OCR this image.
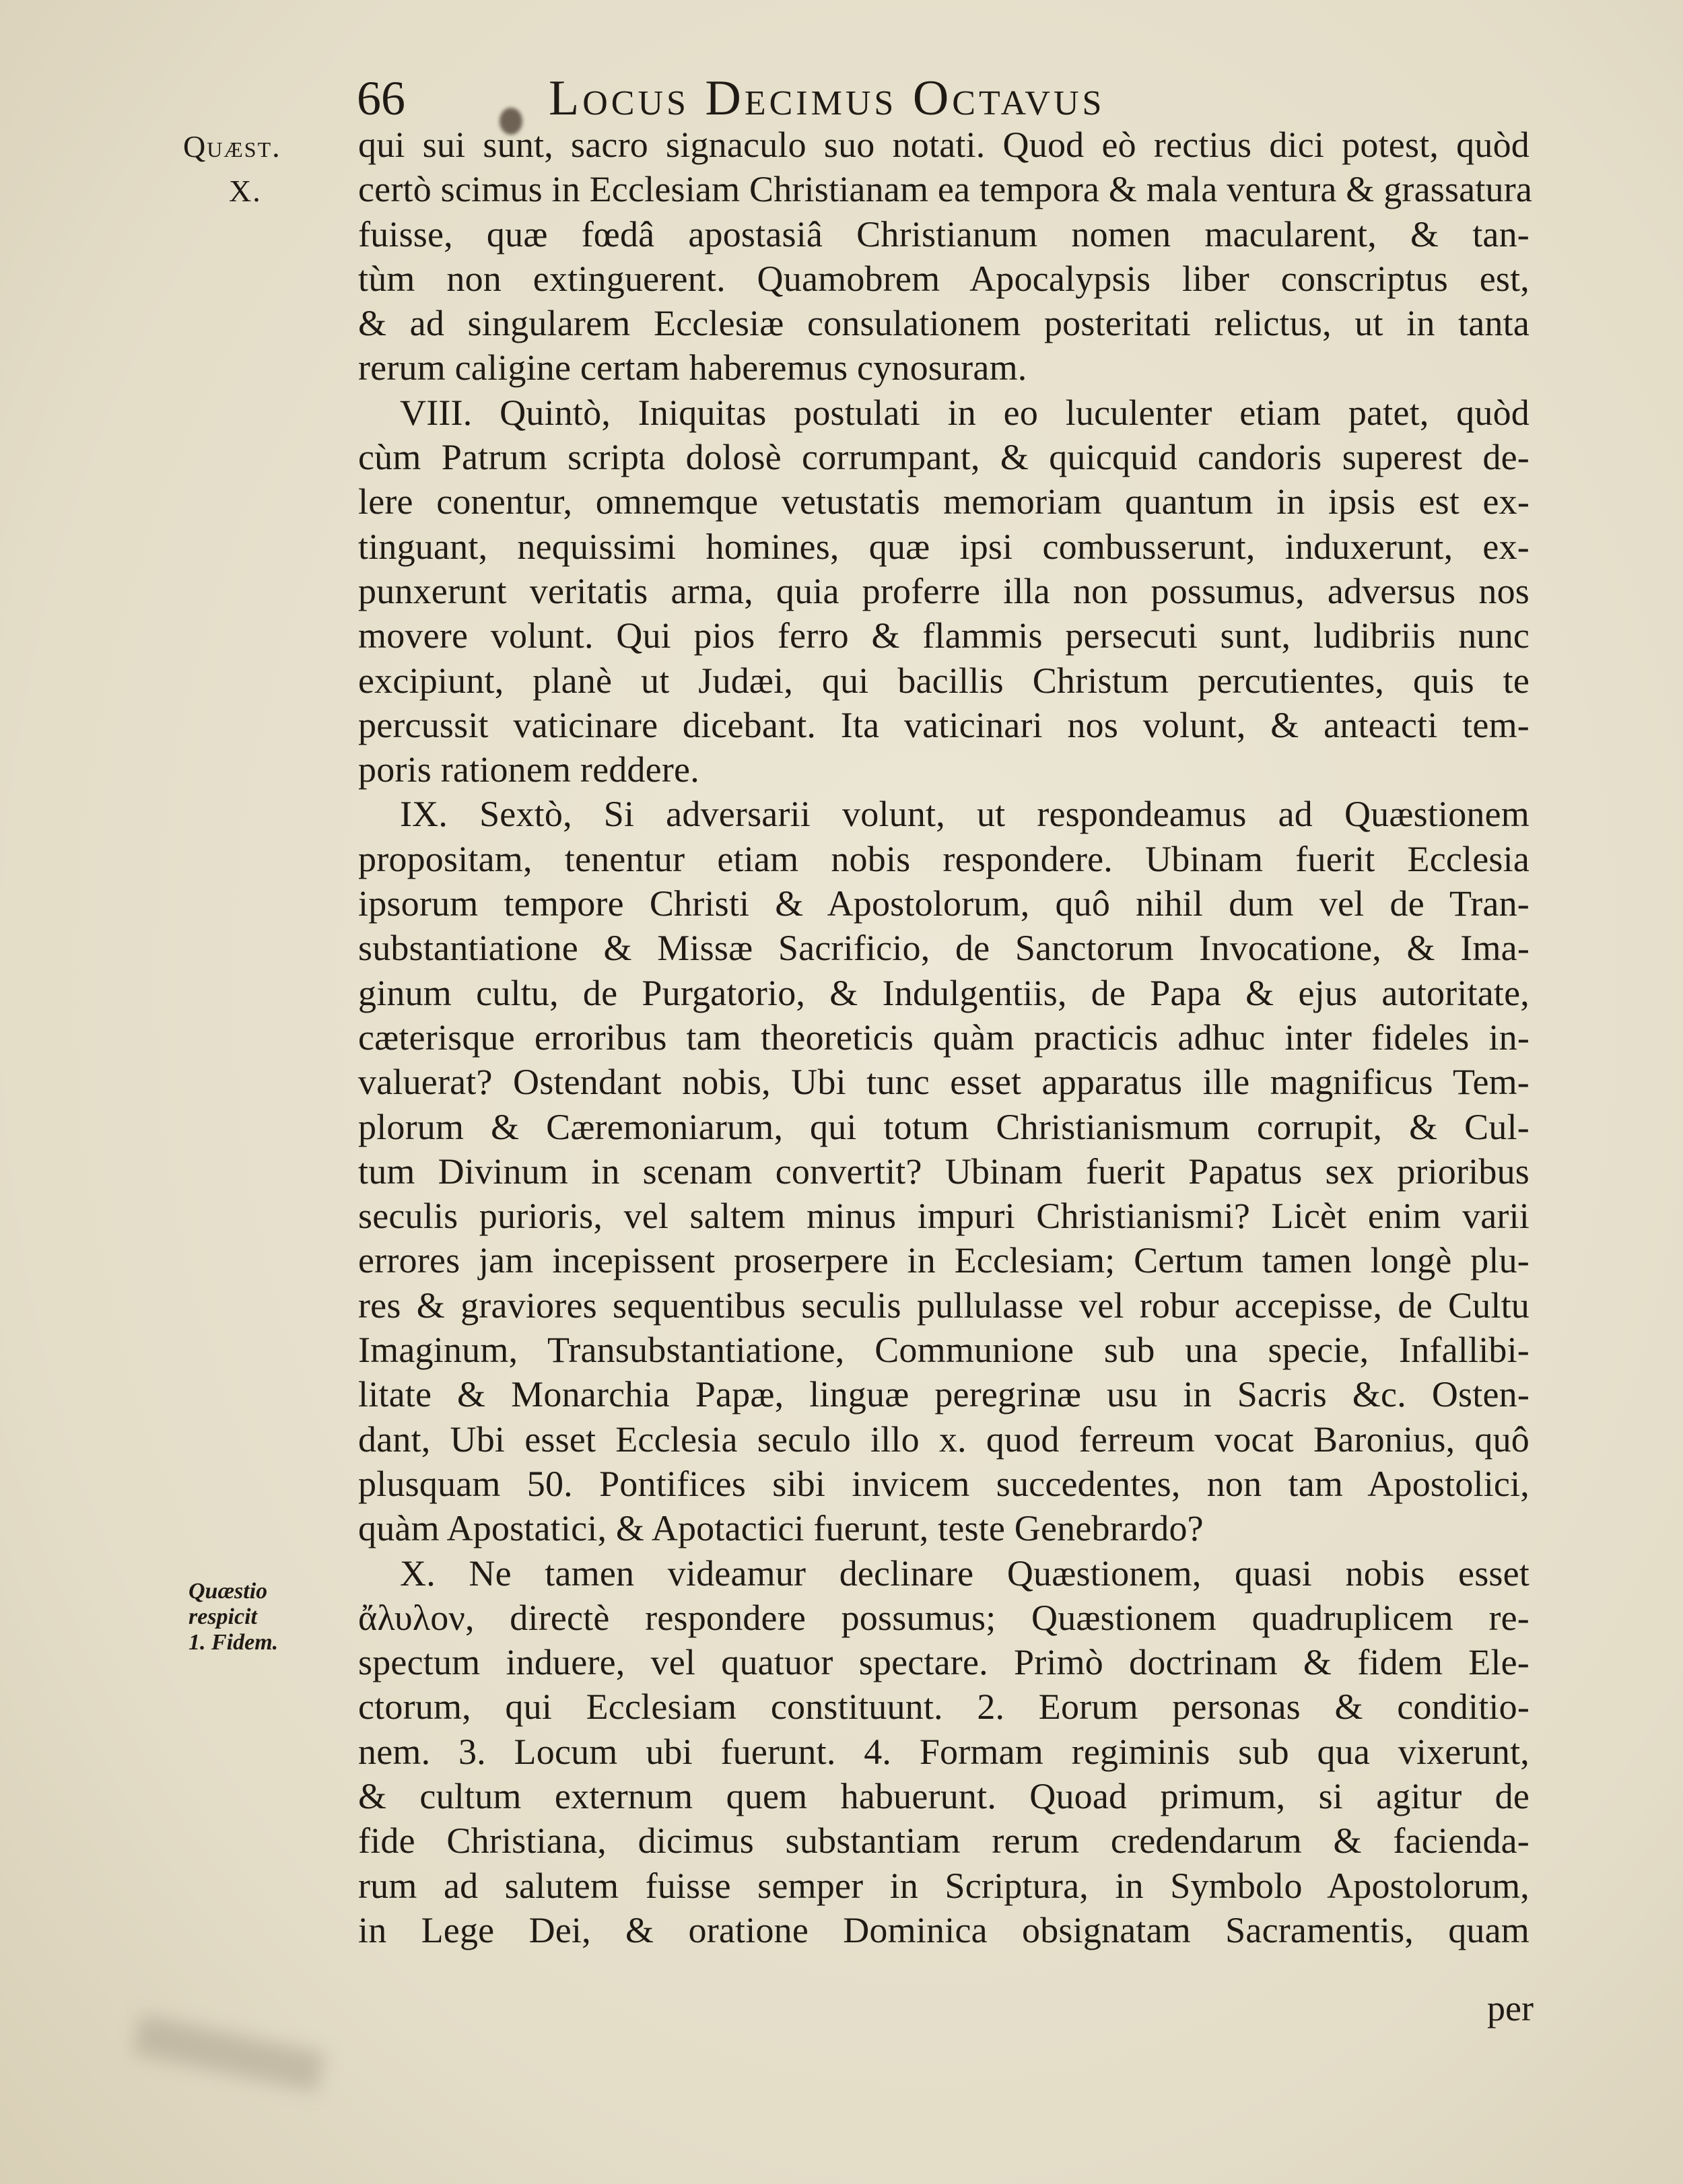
66	Locus Decimus Octavus
Quæst.
X.
Quæstio
respicit
1. Fidem.
qui sui sunt, sacro signaculo suo notati. Quod eò rectius dici potest, quòd
certò scimus in Ecclesiam Christianam ea tempora & mala ventura & grassatura
fuisse, quæ fœdâ apostasiâ Christianum nomen macularent, & tan-
tùm non extinguerent. Quamobrem Apocalypsis liber conscriptus est,
& ad singularem Ecclesiæ consulationem posteritati relictus, ut in tanta
rerum caligine certam haberemus cynosuram.
VIII. Quintò, Iniquitas postulati in eo luculenter etiam patet, quòd
cùm Patrum scripta dolosè corrumpant, & quicquid candoris superest de-
lere conentur, omnemque vetustatis memoriam quantum in ipsis est ex-
tinguant, nequissimi homines, quæ ipsi combusserunt, induxerunt, ex-
punxerunt veritatis arma, quia proferre illa non possumus, adversus nos
movere volunt. Qui pios ferro & flammis persecuti sunt, ludibriis nunc
excipiunt, planè ut Judæi, qui bacillis Christum percutientes, quis te
percussit vaticinare dicebant. Ita vaticinari nos volunt, & anteacti tem-
poris rationem reddere.
IX. Sextò, Si adversarii volunt, ut respondeamus ad Quæstionem
propositam, tenentur etiam nobis respondere. Ubinam fuerit Ecclesia
ipsorum tempore Christi & Apostolorum, quô nihil dum vel de Tran-
substantiatione & Missæ Sacrificio, de Sanctorum Invocatione, & Ima-
ginum cultu, de Purgatorio, & Indulgentiis, de Papa & ejus autoritate,
cæterisque erroribus tam theoreticis quàm practicis adhuc inter fideles in-
valuerat? Ostendant nobis, Ubi tunc esset apparatus ille magnificus Tem-
plorum & Cæremoniarum, qui totum Christianismum corrupit, & Cul-
tum Divinum in scenam convertit? Ubinam fuerit Papatus sex prioribus
seculis purioris, vel saltem minus impuri Christianismi? Licèt enim varii
errores jam incepissent proserpere in Ecclesiam; Certum tamen longè plu-
res & graviores sequentibus seculis pullulasse vel robur accepisse, de Cultu
Imaginum, Transubstantiatione, Communione sub una specie, Infallibi-
litate & Monarchia Papæ, linguæ peregrinæ usu in Sacris &c. Osten-
dant, Ubi esset Ecclesia seculo illo x. quod ferreum vocat Baronius, quô
plusquam 50. Pontifices sibi invicem succedentes, non tam Apostolici,
quàm Apostatici, & Apotactici fuerunt, teste Genebrardo?
X. Ne tamen videamur declinare Quæstionem, quasi nobis esset
ἄλυλον, directè respondere possumus; Quæstionem quadruplicem re-
spectum induere, vel quatuor spectare. Primò doctrinam & fidem Ele-
ctorum, qui Ecclesiam constituunt. 2. Eorum personas & conditio-
nem. 3. Locum ubi fuerunt. 4. Formam regiminis sub qua vixerunt,
& cultum externum quem habuerunt. Quoad primum, si agitur de
fide Christiana, dicimus substantiam rerum credendarum & facienda-
rum ad salutem fuisse semper in Scriptura, in Symbolo Apostolorum,
in Lege Dei, & oratione Dominica obsignatam Sacramentis, quam
per
